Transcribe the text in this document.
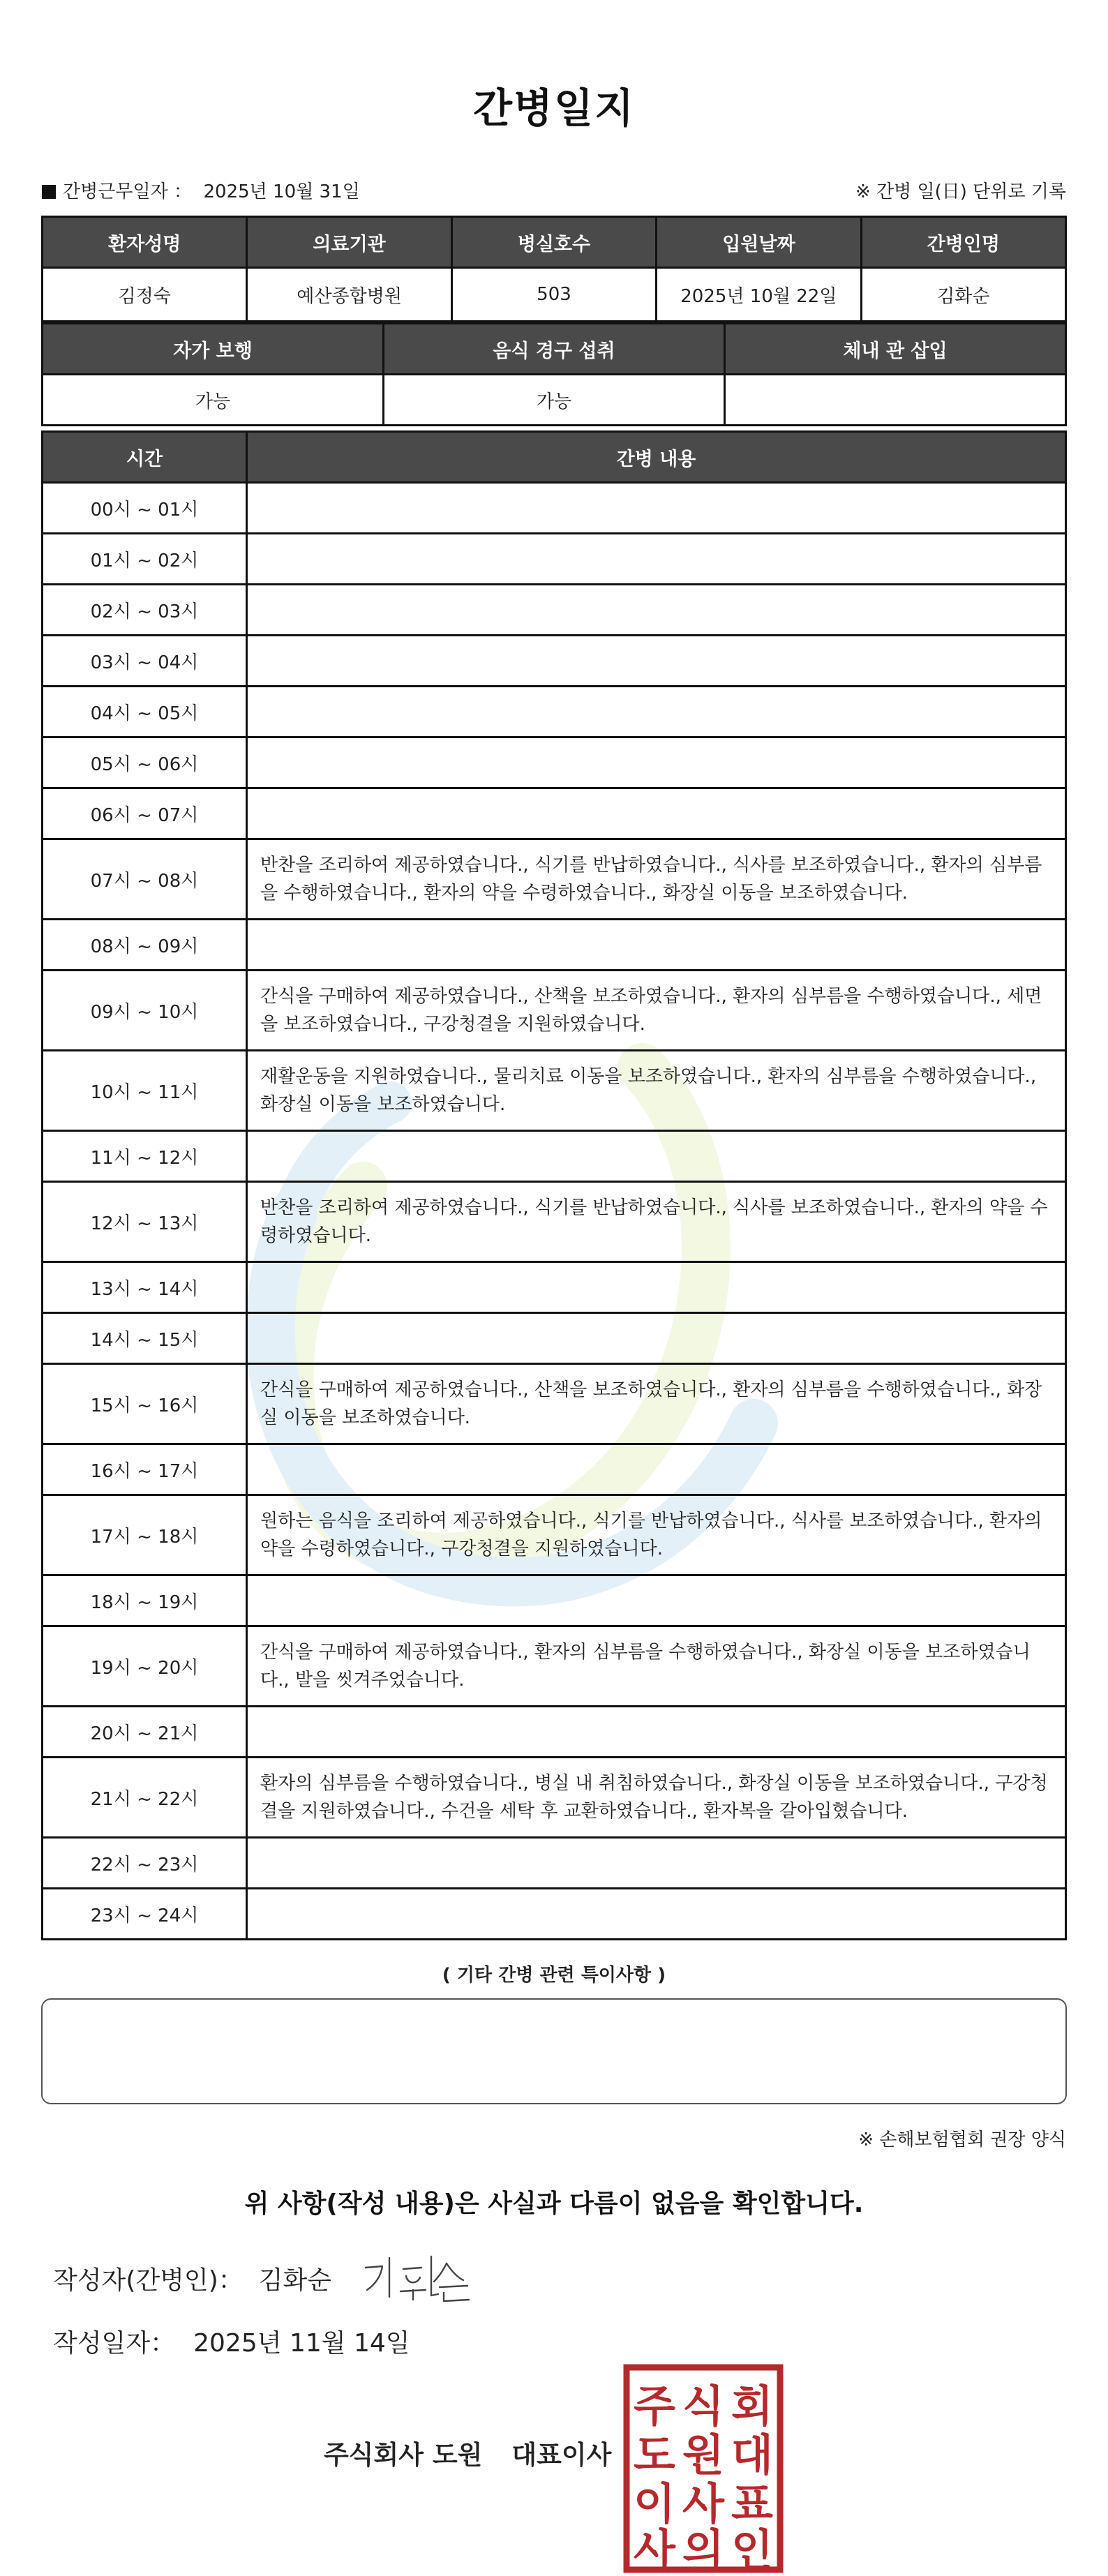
간병일지
간병근무일자 ： 2025년 10월 31일	※ 간병 일(日) 단위로 기록
환자성명	의료기관	병실호수	입원날짜	간병인명
김정숙	예산종합병원	503	2025년 10월 22일	김화순
자가 보행	음식 경구 섭취	체내 관 삽입
가능	가능	
시간	간병 내용
00시 ~ 01시	
01시 ~ 02시	
02시 ~ 03시	
03시 ~ 04시	
04시 ~ 05시	
05시 ~ 06시	
06시 ~ 07시	
07시 ~ 08시	반찬을 조리하여 제공하였습니다., 식기를 반납하였습니다., 식사를 보조하였습니다., 환자의 심부름을 수행하였습니다., 환자의 약을 수령하였습니다., 화장실 이동을 보조하였습니다.
08시 ~ 09시	
09시 ~ 10시	간식을 구매하여 제공하였습니다., 산책을 보조하였습니다., 환자의 심부름을 수행하였습니다., 세면을 보조하였습니다., 구강청결을 지원하였습니다.
10시 ~ 11시	재활운동을 지원하였습니다., 물리치료 이동을 보조하였습니다., 환자의 심부름을 수행하였습니다., 화장실 이동을 보조하였습니다.
11시 ~ 12시	
12시 ~ 13시	반찬을 조리하여 제공하였습니다., 식기를 반납하였습니다., 식사를 보조하였습니다., 환자의 약을 수령하였습니다.
13시 ~ 14시	
14시 ~ 15시	
15시 ~ 16시	간식을 구매하여 제공하였습니다., 산책을 보조하였습니다., 환자의 심부름을 수행하였습니다., 화장실 이동을 보조하였습니다.
16시 ~ 17시	
17시 ~ 18시	원하는 음식을 조리하여 제공하였습니다., 식기를 반납하였습니다., 식사를 보조하였습니다., 환자의 약을 수령하였습니다., 구강청결을 지원하였습니다.
18시 ~ 19시	
19시 ~ 20시	간식을 구매하여 제공하였습니다., 환자의 심부름을 수행하였습니다., 화장실 이동을 보조하였습니다., 발을 씻겨주었습니다.
20시 ~ 21시	
21시 ~ 22시	환자의 심부름을 수행하였습니다., 병실 내 취침하였습니다., 화장실 이동을 보조하였습니다., 구강청결을 지원하였습니다., 수건을 세탁 후 교환하였습니다., 환자복을 갈아입혔습니다.
22시 ~ 23시	
23시 ~ 24시	
( 기타 간병 관련 특이사항 )
※ 손해보험협회 권장 양식
위 사항(작성 내용)은 사실과 다름이 없음을 확인합니다.
작성자(간병인)： 김화순
작성일자： 2025년 11월 14일
주식회사 도원 대표이사
주 식 회
도 원 대
이 사 표
사 의 인
